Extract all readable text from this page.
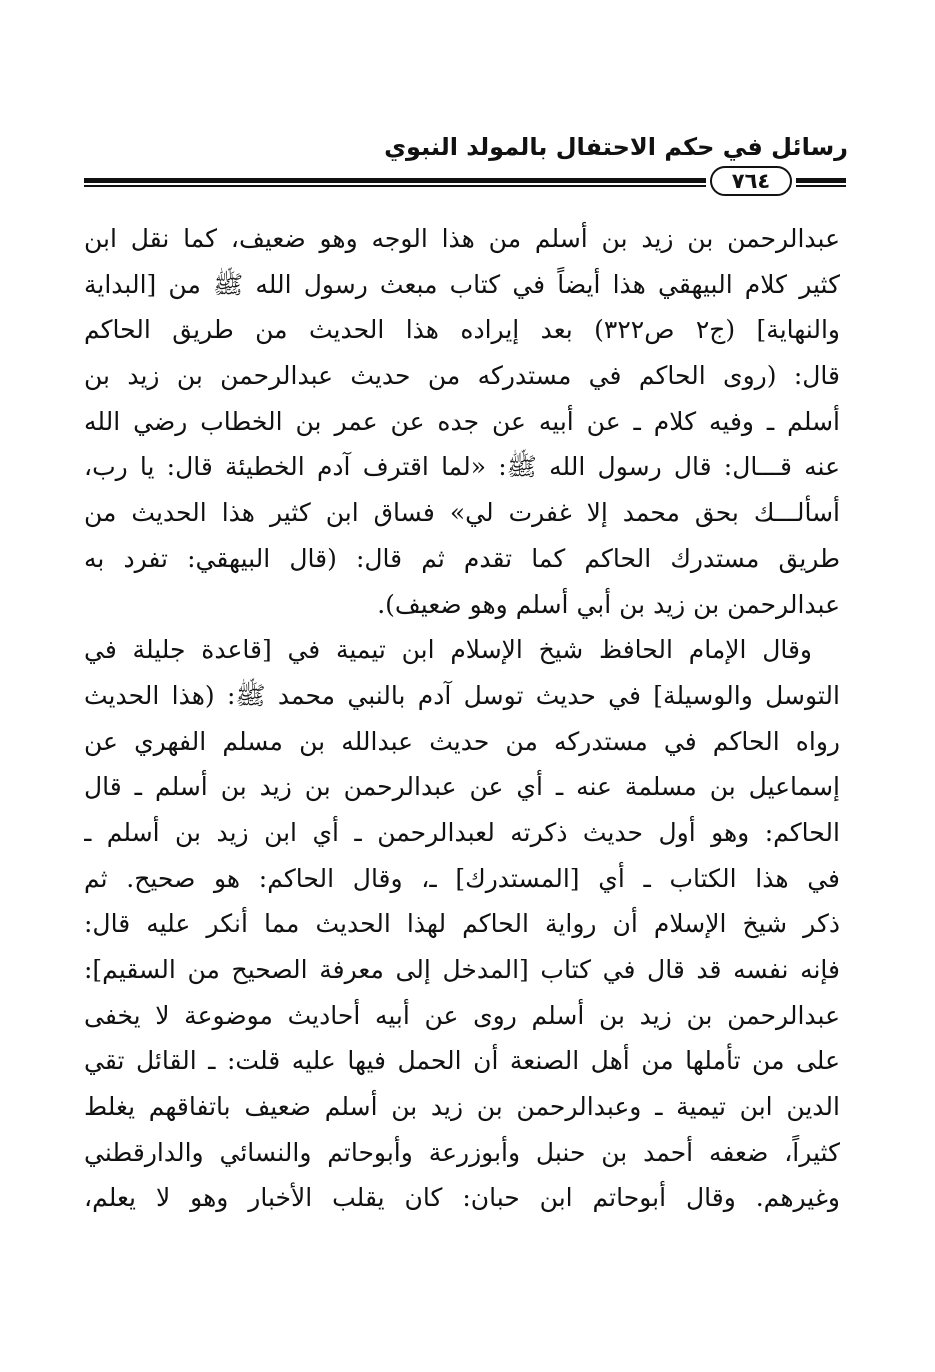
رسائل في حكم الاحتفال بالمولد النبوي
٧٦٤
عبدالرحمن بن زيد بن أسلم من هذا الوجه وهو ضعيف، كما نقل ابن
كثير كلام البيهقي هذا أيضاً في كتاب مبعث رسول الله ﷺ من [البداية
والنهاية] (ج٢ ص٣٢٢) بعد إيراده هذا الحديث من طريق الحاكم
قال: (روى الحاكم في مستدركه من حديث عبدالرحمن بن زيد بن
أسلم ـ وفيه كلام ـ عن أبيه عن جده عن عمر بن الخطاب رضي الله
عنه قـــال: قال رسول الله ﷺ: «لما اقترف آدم الخطيئة قال: يا رب،
أسألـــك بحق محمد إلا غفرت لي» فساق ابن كثير هذا الحديث من
طريق مستدرك الحاكم كما تقدم ثم قال: (قال البيهقي: تفرد به
عبدالرحمن بن زيد بن أبي أسلم وهو ضعيف).
وقال الإمام الحافظ شيخ الإسلام ابن تيمية في [قاعدة جليلة في
التوسل والوسيلة] في حديث توسل آدم بالنبي محمد ﷺ: (هذا الحديث
رواه الحاكم في مستدركه من حديث عبدالله بن مسلم الفهري عن
إسماعيل بن مسلمة عنه ـ أي عن عبدالرحمن بن زيد بن أسلم ـ قال
الحاكم: وهو أول حديث ذكرته لعبدالرحمن ـ أي ابن زيد بن أسلم ـ
في هذا الكتاب ـ أي [المستدرك] ـ، وقال الحاكم: هو صحيح. ثم
ذكر شيخ الإسلام أن رواية الحاكم لهذا الحديث مما أنكر عليه قال:
فإنه نفسه قد قال في كتاب [المدخل إلى معرفة الصحيح من السقيم]:
عبدالرحمن بن زيد بن أسلم روى عن أبيه أحاديث موضوعة لا يخفى
على من تأملها من أهل الصنعة أن الحمل فيها عليه قلت: ـ القائل تقي
الدين ابن تيمية ـ وعبدالرحمن بن زيد بن أسلم ضعيف باتفاقهم يغلط
كثيراً، ضعفه أحمد بن حنبل وأبوزرعة وأبوحاتم والنسائي والدارقطني
وغيرهم. وقال أبوحاتم ابن حبان: كان يقلب الأخبار وهو لا يعلم،
